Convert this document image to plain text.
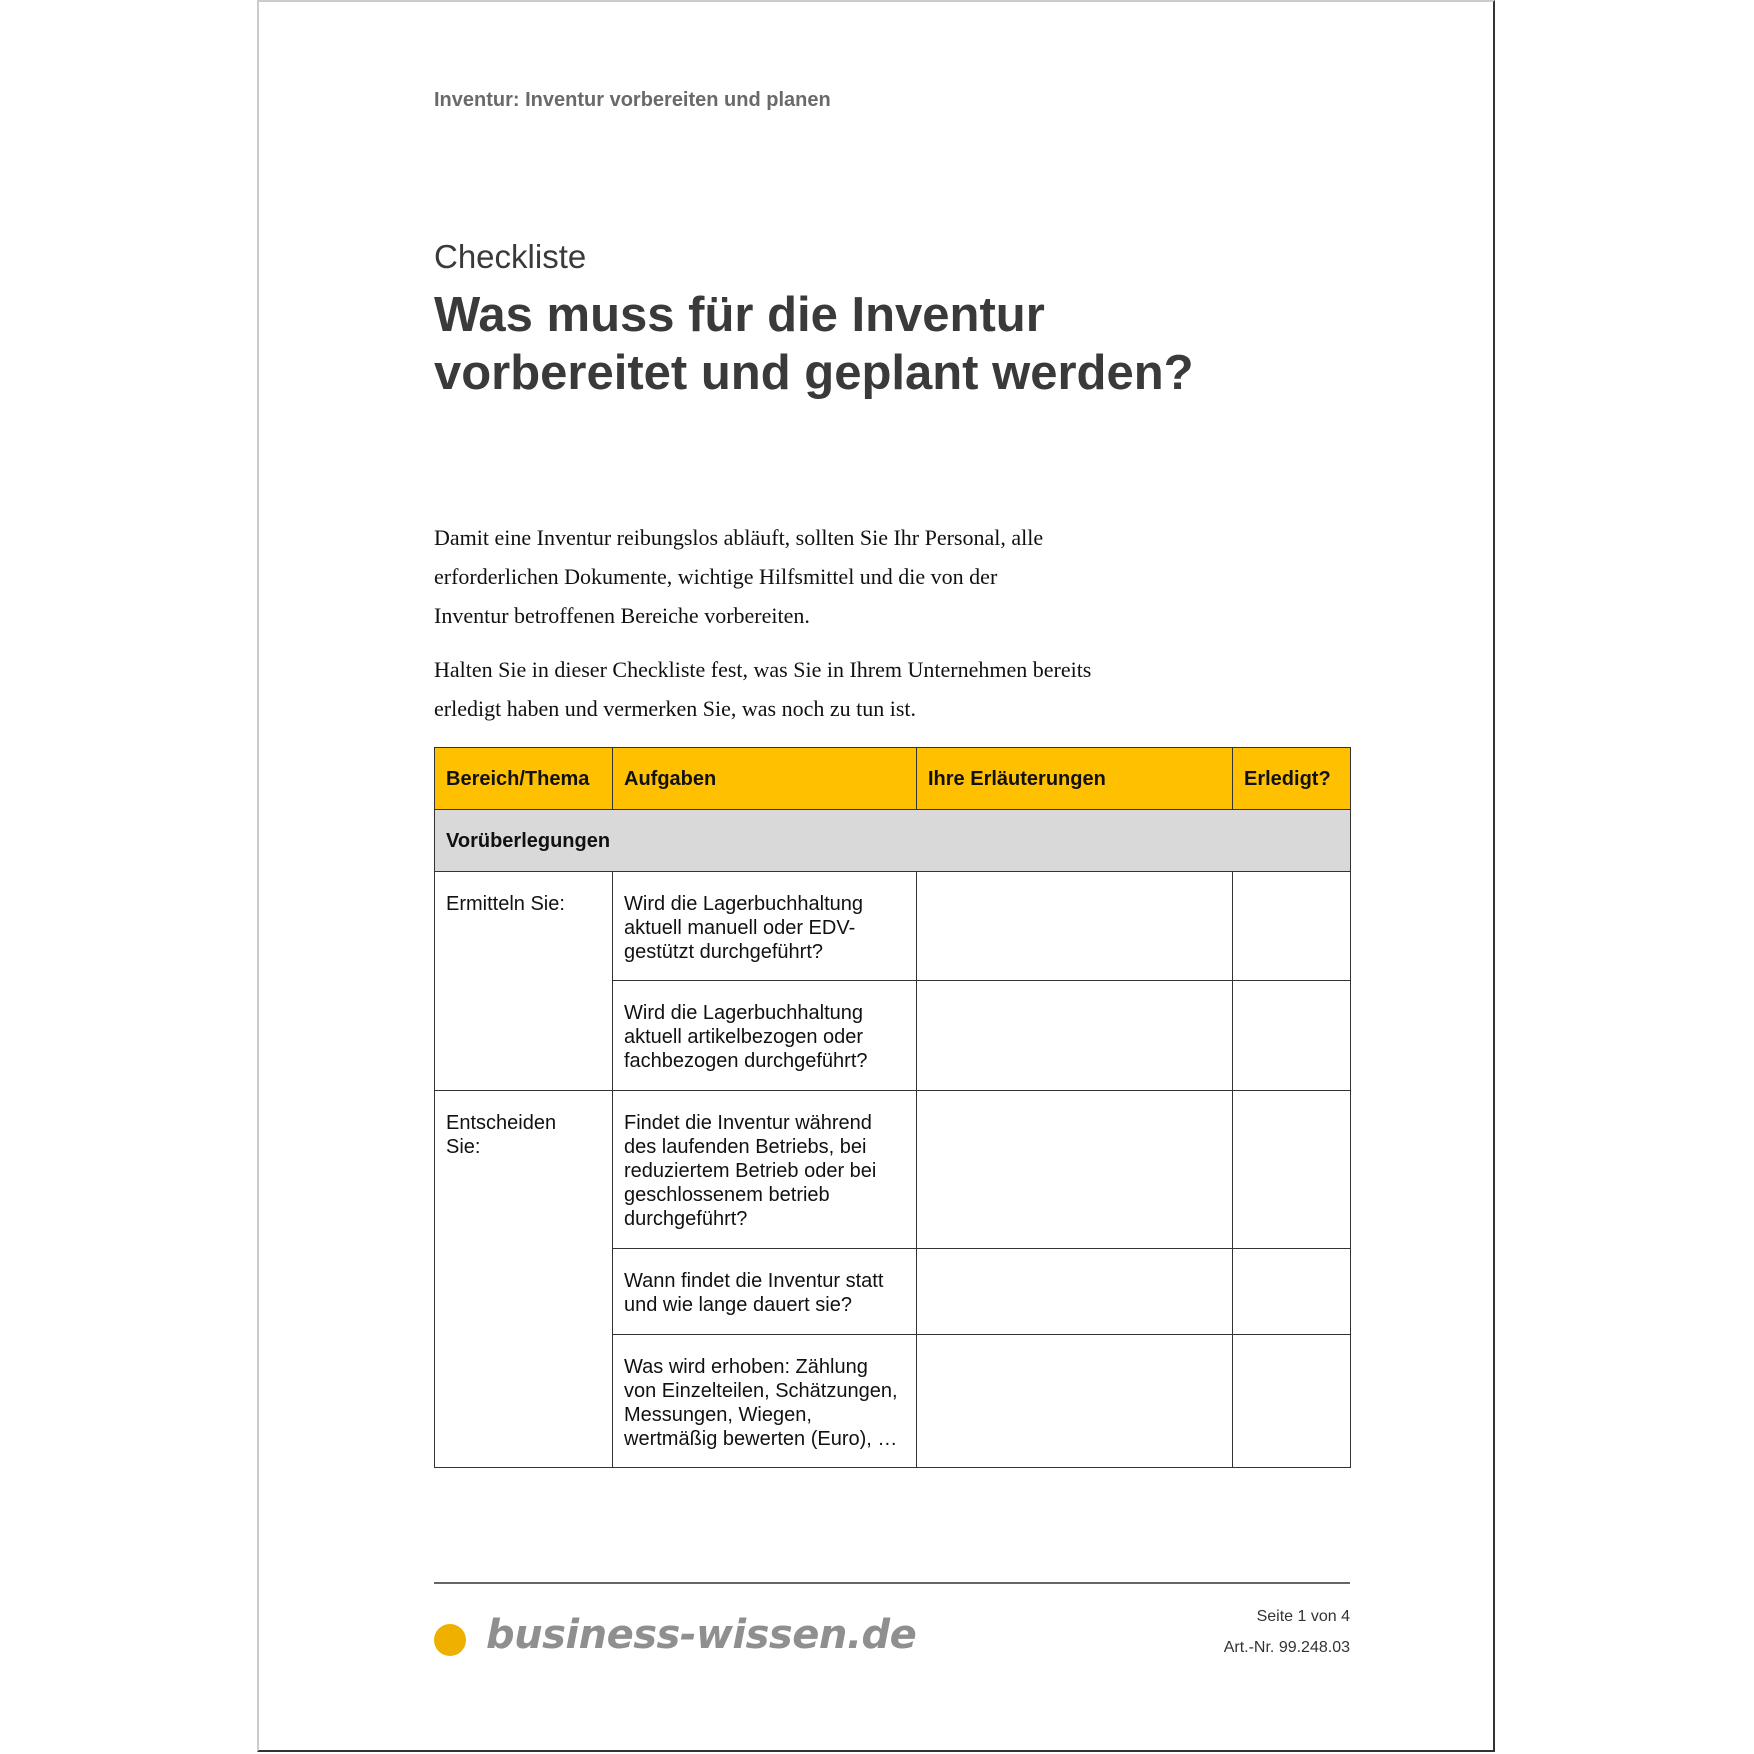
Inventur: Inventur vorbereiten und planen
Checkliste
Was muss für die Inventur vorbereitet und geplant werden?

Damit eine Inventur reibungslos abläuft, sollten Sie Ihr Personal, alle erforderlichen Dokumente, wichtige Hilfsmittel und die von der Inventur betroffenen Bereiche vorbereiten.

Halten Sie in dieser Checkliste fest, was Sie in Ihrem Unternehmen bereits erledigt haben und vermerken Sie, was noch zu tun ist.

Bereich/Thema	Aufgaben	Ihre Erläuterungen	Erledigt?
Vorüberlegungen			
Ermitteln Sie:	Wird die Lagerbuchhaltung aktuell manuell oder EDV-gestützt durchgeführt?		
	Wird die Lagerbuchhaltung aktuell artikelbezogen oder fachbezogen durchgeführt?		

Entscheiden Sie:	Findet die Inventur während des laufenden Betriebs, bei reduziertem Betrieb oder bei geschlossenem betrieb durchgeführt?		
	Wann findet die Inventur statt und wie lange dauert sie?		
	Was wird erhoben: Zählung von Einzelteilen, Schätzungen, Messungen, Wiegen, wertmäßig bewerten (Euro), …		
business-wissen.de	Seite 1 von 4
Art.-Nr. 99.248.03
